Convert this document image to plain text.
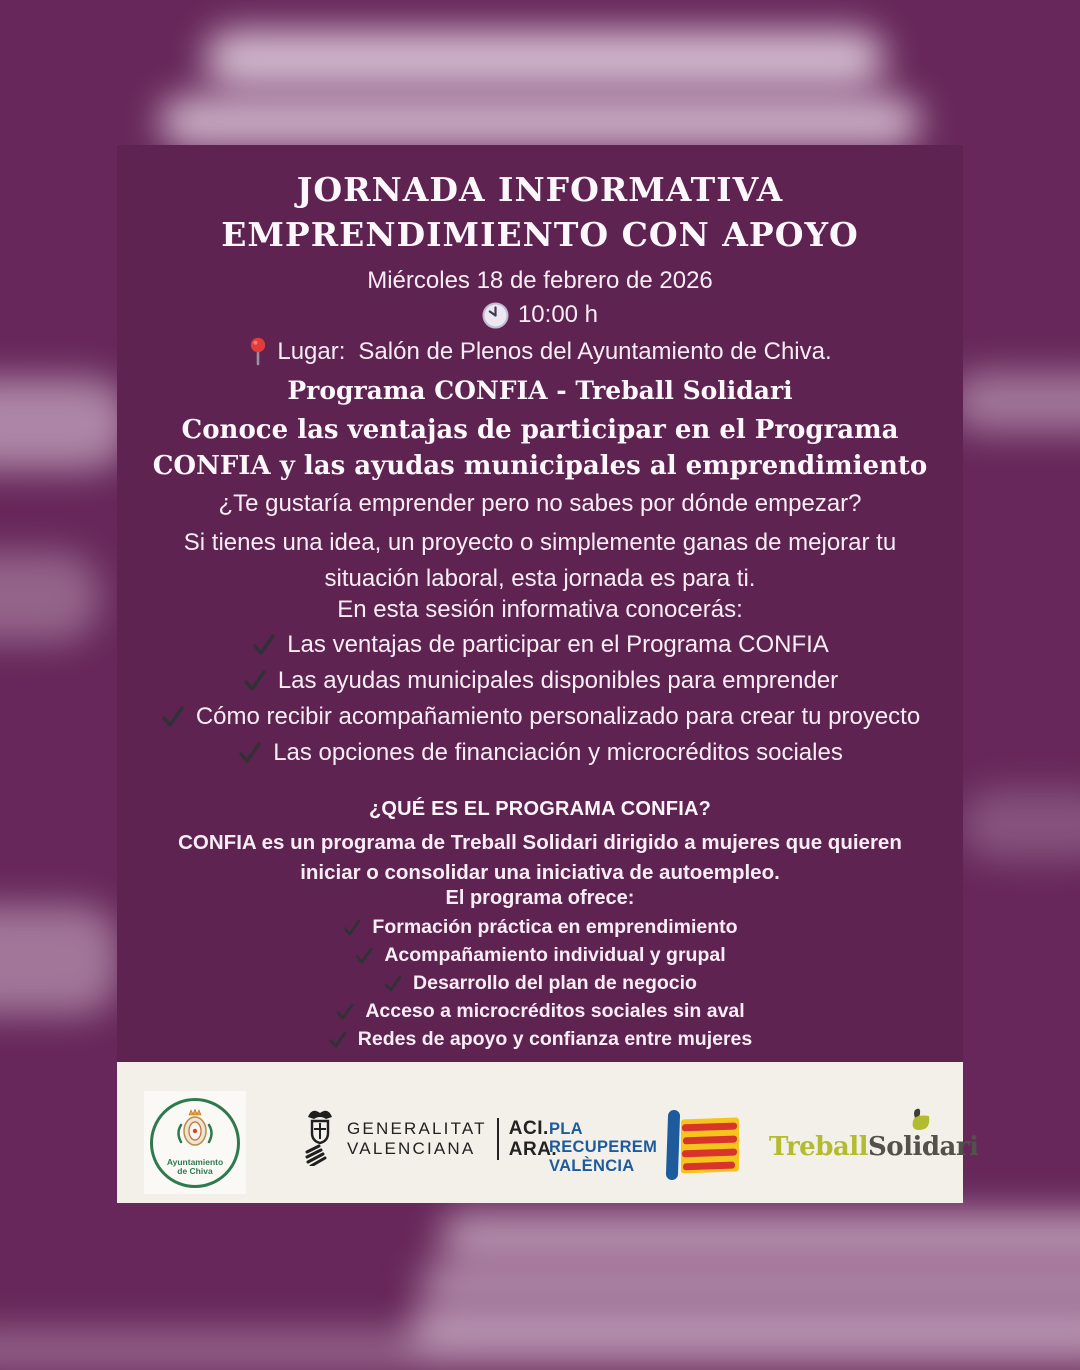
JORNADA INFORMATIVA
EMPRENDIMIENTO CON APOYO
Miércoles 18 de febrero de 2026
10:00 h
Lugar: Salón de Plenos del Ayuntamiento de Chiva.
Programa CONFIA - Treball Solidari
Conoce las ventajas de participar en el Programa CONFIA y las ayudas municipales al emprendimiento
¿Te gustaría emprender pero no sabes por dónde empezar?
Si tienes una idea, un proyecto o simplemente ganas de mejorar tu situación laboral, esta jornada es para ti.
En esta sesión informativa conocerás:
Las ventajas de participar en el Programa CONFIA
Las ayudas municipales disponibles para emprender
Cómo recibir acompañamiento personalizado para crear tu proyecto
Las opciones de financiación y microcréditos sociales
¿QUÉ ES EL PROGRAMA CONFIA?
CONFIA es un programa de Treball Solidari dirigido a mujeres que quieren iniciar o consolidar una iniciativa de autoempleo.
El programa ofrece:
Formación práctica en emprendimiento
Acompañamiento individual y grupal
Desarrollo del plan de negocio
Acceso a microcréditos sociales sin aval
Redes de apoyo y confianza entre mujeres
Ayuntamiento
de Chiva
GENERALITAT
VALENCIANA
ACI.
ARA.
PLA
RECUPEREM
VALÈNCIA
TreballSolidari
